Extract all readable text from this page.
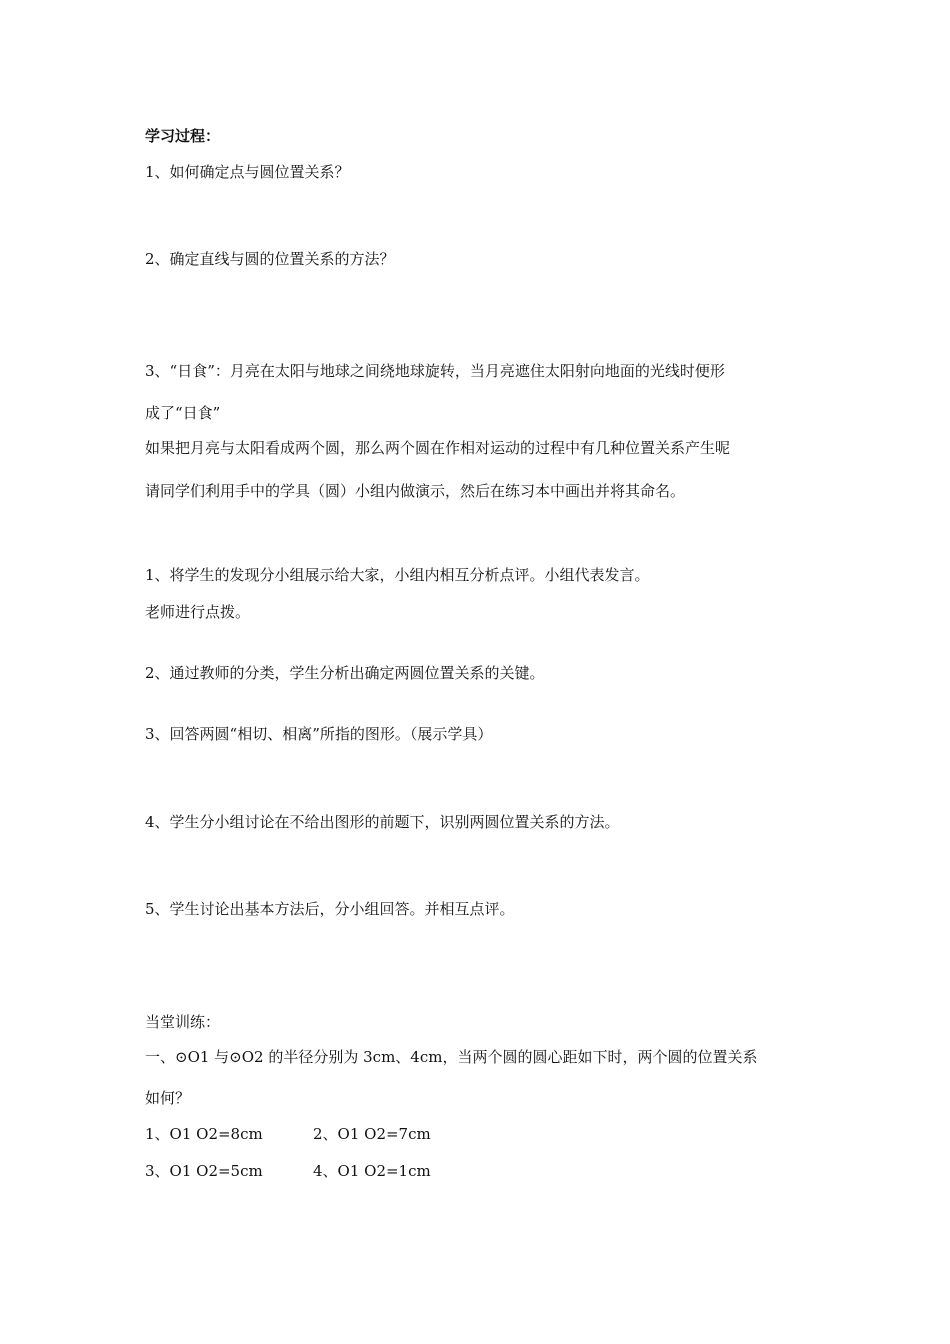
学习过程：
1、如何确定点与圆位置关系？
2、确定直线与圆的位置关系的方法？
3、“日食”：月亮在太阳与地球之间绕地球旋转，当月亮遮住太阳射向地面的光线时便形
成了“日食”
如果把月亮与太阳看成两个圆，那么两个圆在作相对运动的过程中有几种位置关系产生呢
请同学们利用手中的学具（圆）小组内做演示，然后在练习本中画出并将其命名。
1、将学生的发现分小组展示给大家，小组内相互分析点评。小组代表发言。
老师进行点拨。
2、通过教师的分类，学生分析出确定两圆位置关系的关键。
3、回答两圆“相切、相离”所指的图形。（展示学具）
4、学生分小组讨论在不给出图形的前题下，识别两圆位置关系的方法。
5、学生讨论出基本方法后，分小组回答。并相互点评。
当堂训练：
一、⊙O1 与⊙O2 的半径分别为 3cm、4cm，当两个圆的圆心距如下时，两个圆的位置关系
如何？
1、O1 O2=8cm	2、O1 O2=7cm
3、O1 O2=5cm	4、O1 O2=1cm
